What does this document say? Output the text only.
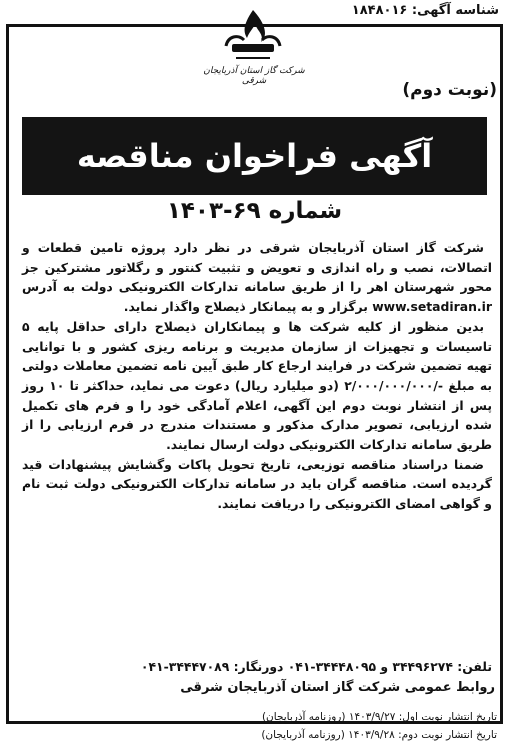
شناسه آگهی: ۱۸۴۸۰۱۶
شرکت گاز استان آذربایجان شرقی	(نوبت دوم)
آگهی فراخوان مناقصه
شماره ۶۹-۱۴۰۳

شرکت گاز استان آذربایجان شرقی در نظر دارد پروژه تامین قطعات و اتصالات، نصب و راه اندازی و تعویض و تثبیت کنتور و رگلاتور مشترکین جز محور شهرستان اهر را از طریق سامانه تدارکات الکترونیکی دولت به آدرس www.setadiran.ir برگزار و به پیمانکار ذیصلاح واگذار نماید.

بدین منظور از کلیه شرکت ها و پیمانکاران ذیصلاح دارای حداقل پایه ۵ تاسیسات و تجهیزات از سازمان مدیریت و برنامه ریزی کشور و با توانایی تهیه تضمین شرکت در فرایند ارجاع کار طبق آیین نامه تضمین معاملات دولتی به مبلغ -/۲/۰۰۰/۰۰۰/۰۰۰ (دو میلیارد ریال) دعوت می نماید، حداکثر تا ۱۰ روز پس از انتشار نوبت دوم این آگهی، اعلام آمادگی خود را و فرم های تکمیل شده ارزیابی، تصویر مدارک مذکور و مستندات مندرج در فرم ارزیابی را از طریق سامانه تدارکات الکترونیکی دولت ارسال نمایند.

ضمنا دراسناد مناقصه توزیعی، تاریخ تحویل پاکات وگشایش پیشنهادات قید گردیده است. مناقصه گران باید در سامانه تدارکات الکترونیکی دولت ثبت نام و گواهی امضای الکترونیکی را دریافت نمایند.

تلفن: ۳۴۴۹۶۲۷۴ و ۳۴۴۴۸۰۹۵-۰۴۱ دورنگار: ۳۴۴۴۷۰۸۹-۰۴۱
روابط عمومی شرکت گاز استان آذربایجان شرقی
تاریخ انتشار نوبت اول: ۱۴۰۳/۹/۲۷ (روزنامه آذربایجان)
تاریخ انتشار نوبت دوم: ۱۴۰۳/۹/۲۸ (روزنامه آذربایجان)
